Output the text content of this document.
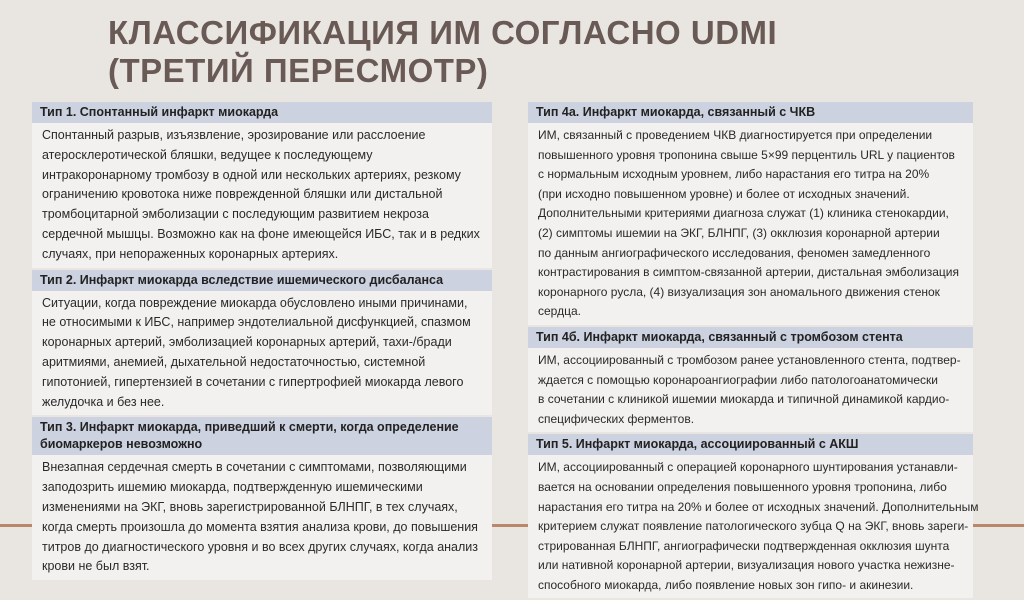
КЛАССИФИКАЦИЯ ИМ СОГЛАСНО UDMI
(ТРЕТИЙ ПЕРЕСМОТР)
Тип 1. Спонтанный инфаркт миокарда
Спонтанный разрыв, изъязвление, эрозирование или расслоение
атеросклеротической бляшки, ведущее к последующему
интракоронарному тромбозу в одной или нескольких артериях, резкому
ограничению кровотока ниже поврежденной бляшки или дистальной
тромбоцитарной эмболизации с последующим развитием некроза
сердечной мышцы. Возможно как на фоне имеющейся ИБС, так и в редких
случаях, при непораженных коронарных артериях.
Тип 2. Инфаркт миокарда вследствие ишемического дисбаланса
Ситуации, когда повреждение миокарда обусловлено иными причинами,
не относимыми к ИБС, например эндотелиальной дисфункцией, спазмом
коронарных артерий, эмболизацией коронарных артерий, тахи-/бради
аритмиями, анемией, дыхательной недостаточностью, системной
гипотонией, гипертензией в сочетании с гипертрофией миокарда левого
желудочка и без нее.
Тип 3. Инфаркт миокарда, приведший к смерти, когда определение
биомаркеров невозможно
Внезапная сердечная смерть в сочетании с симптомами, позволяющими
заподозрить ишемию миокарда, подтвержденную ишемическими
изменениями на ЭКГ, вновь зарегистрированной БЛНПГ, в тех случаях,
когда смерть произошла до момента взятия анализа крови, до повышения
титров до диагностического уровня и во всех других случаях, когда анализ
крови не был взят.
Тип 4а. Инфаркт миокарда, связанный с ЧКВ
ИМ, связанный с проведением ЧКВ диагностируется при определении
повышенного уровня тропонина свыше 5×99 перцентиль URL у пациентов
с нормальным исходным уровнем, либо нарастания его титра на 20%
(при исходно повышенном уровне) и более от исходных значений.
Дополнительными критериями диагноза служат (1) клиника стенокардии,
(2) симптомы ишемии на ЭКГ, БЛНПГ, (3) окклюзия коронарной артерии
по данным ангиографического исследования, феномен замедленного
контрастирования в симптом-связанной артерии, дистальная эмболизация
коронарного русла, (4) визуализация зон аномального движения стенок
сердца.
Тип 4б. Инфаркт миокарда, связанный с тромбозом стента
ИМ, ассоциированный с тромбозом ранее установленного стента, подтвер-
ждается с помощью коронароангиографии либо патологоанатомически
в сочетании с клиникой ишемии миокарда и типичной динамикой кардио-
специфических ферментов.
Тип 5. Инфаркт миокарда, ассоциированный с АКШ
ИМ, ассоциированный с операцией коронарного шунтирования устанавли-
вается на основании определения повышенного уровня тропонина, либо
нарастания его титра на 20% и более от исходных значений. Дополнительным
критерием служат появление патологического зубца Q на ЭКГ, вновь зареги-
стрированная БЛНПГ, ангиографически подтвержденная окклюзия шунта
или нативной коронарной артерии, визуализация нового участка нежизне-
способного миокарда, либо появление новых зон гипо- и акинезии.
